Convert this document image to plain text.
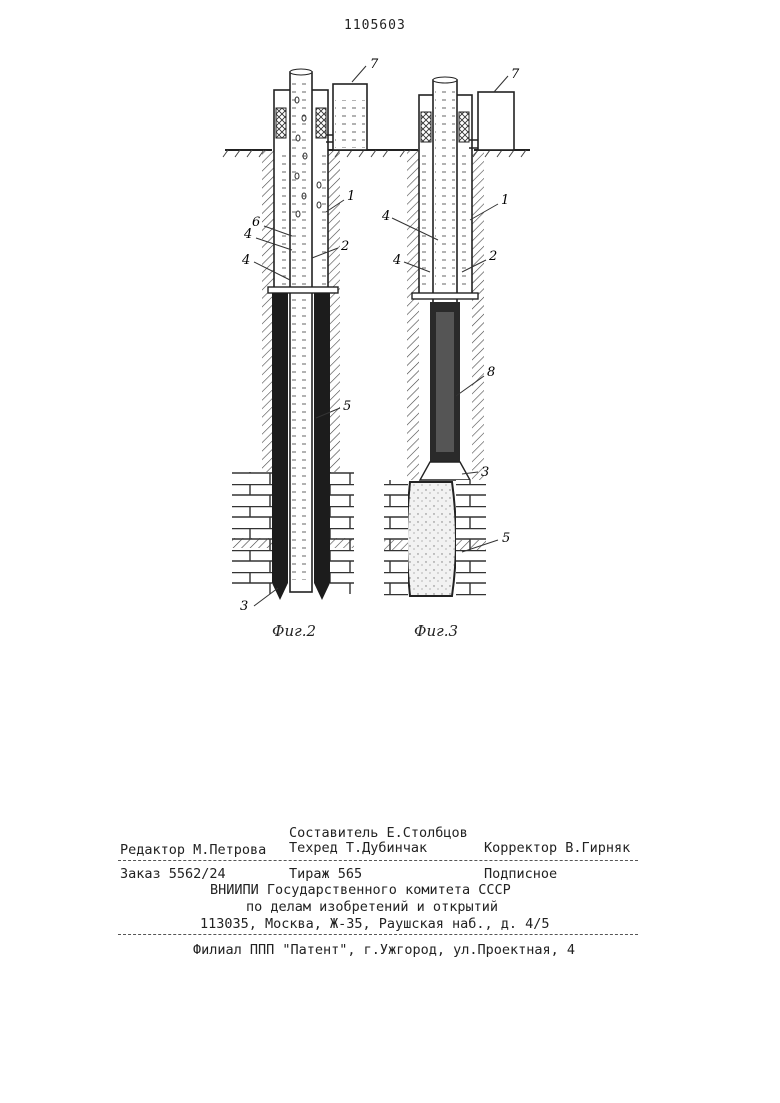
1105603
7
6
4
4
1
2
5
3
7
4
4
1
2
8
3
5
Фиг.2	Фиг.3
Составитель Е.Столбцов
Редактор М.Петрова Техред Т.Дубинчак	Корректор В.Гирняк
Заказ 5562/24	Тираж 565	Подписное
ВНИИПИ Государственного комитета СССР
по делам изобретений и открытий
113035, Москва, Ж-35, Раушская наб., д. 4/5
Филиал ППП "Патент", г.Ужгород, ул.Проектная, 4
